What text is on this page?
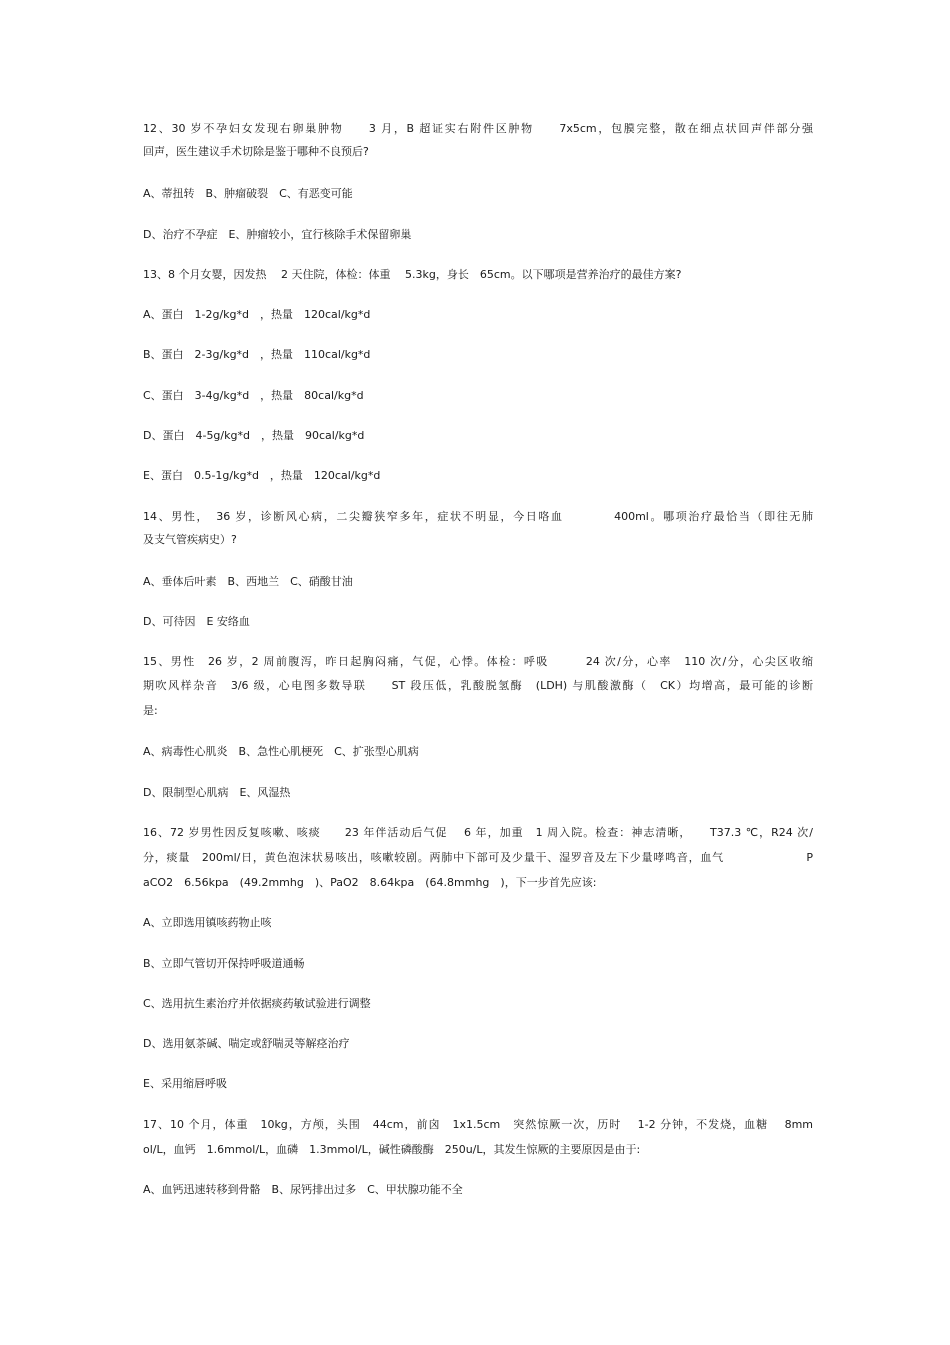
12、30 岁不孕妇女发现右卵巢肿物　　3 月，B 超证实右附件区肿物　　7x5cm，包膜完整，散在细点状回声伴部分强
回声，医生建议手术切除是鉴于哪种不良预后?
A、蒂扭转　B、肿瘤破裂　C、有恶变可能
D、治疗不孕症　E、肿瘤较小，宜行核除手术保留卵巢
13、8 个月女婴，因发热　 2 天住院，体检：体重　 5.3kg，身长　65cm。以下哪项是营养治疗的最佳方案?
A、蛋白　1-2g/kg*d　，热量　120cal/kg*d
B、蛋白　2-3g/kg*d　，热量　110cal/kg*d
C、蛋白　3-4g/kg*d　，热量　80cal/kg*d
D、蛋白　4-5g/kg*d　，热量　90cal/kg*d
E、蛋白　0.5-1g/kg*d　，热量　120cal/kg*d
14、男性，　36 岁，诊断风心病，二尖瓣狭窄多年，症状不明显，今日咯血　　　　400ml。哪项治疗最恰当（即往无肺
及支气管疾病史）?
A、垂体后叶素　B、西地兰　C、硝酸甘油
D、可待因　E 安络血
15、男性　26 岁，2 周前腹泻，昨日起胸闷痛，气促，心悸。体检：呼吸　　　24 次/分，心率　110 次/分，心尖区收缩
期吹风样杂音　3/6 级，心电图多数导联　　ST 段压低，乳酸脱氢酶　(LDH) 与肌酸激酶（　CK）均增高，最可能的诊断
是:
A、病毒性心肌炎　B、急性心肌梗死　C、扩张型心肌病
D、限制型心肌病　E、风湿热
16、72 岁男性因反复咳嗽、咳痰　　23 年伴活动后气促　 6 年，加重　1 周入院。检查：神志清晰，　　T37.3 ℃，R24 次/
分，痰量　200ml/日，黄色泡沫状易咳出，咳嗽较剧。两肺中下部可及少量干、湿罗音及左下少量哮鸣音，血气　　　　　　　P
aCO2　6.56kpa　(49.2mmhg　)、PaO2　8.64kpa　(64.8mmhg　)，下一步首先应该:
A、立即选用镇咳药物止咳
B、立即气管切开保持呼吸道通畅
C、选用抗生素治疗并依据痰药敏试验进行调整
D、选用氨茶碱、喘定或舒喘灵等解痉治疗
E、采用缩唇呼吸
17、10 个月，体重　10kg，方颅，头围　44cm，前囟　1x1.5cm　突然惊厥一次，历时　 1-2 分钟，不发烧，血糖　 8mm
ol/L，血钙　1.6mmol/L，血磷　1.3mmol/L，碱性磷酸酶　250u/L，其发生惊厥的主要原因是由于:
A、血钙迅速转移到骨骼　B、尿钙排出过多　C、甲状腺功能不全
